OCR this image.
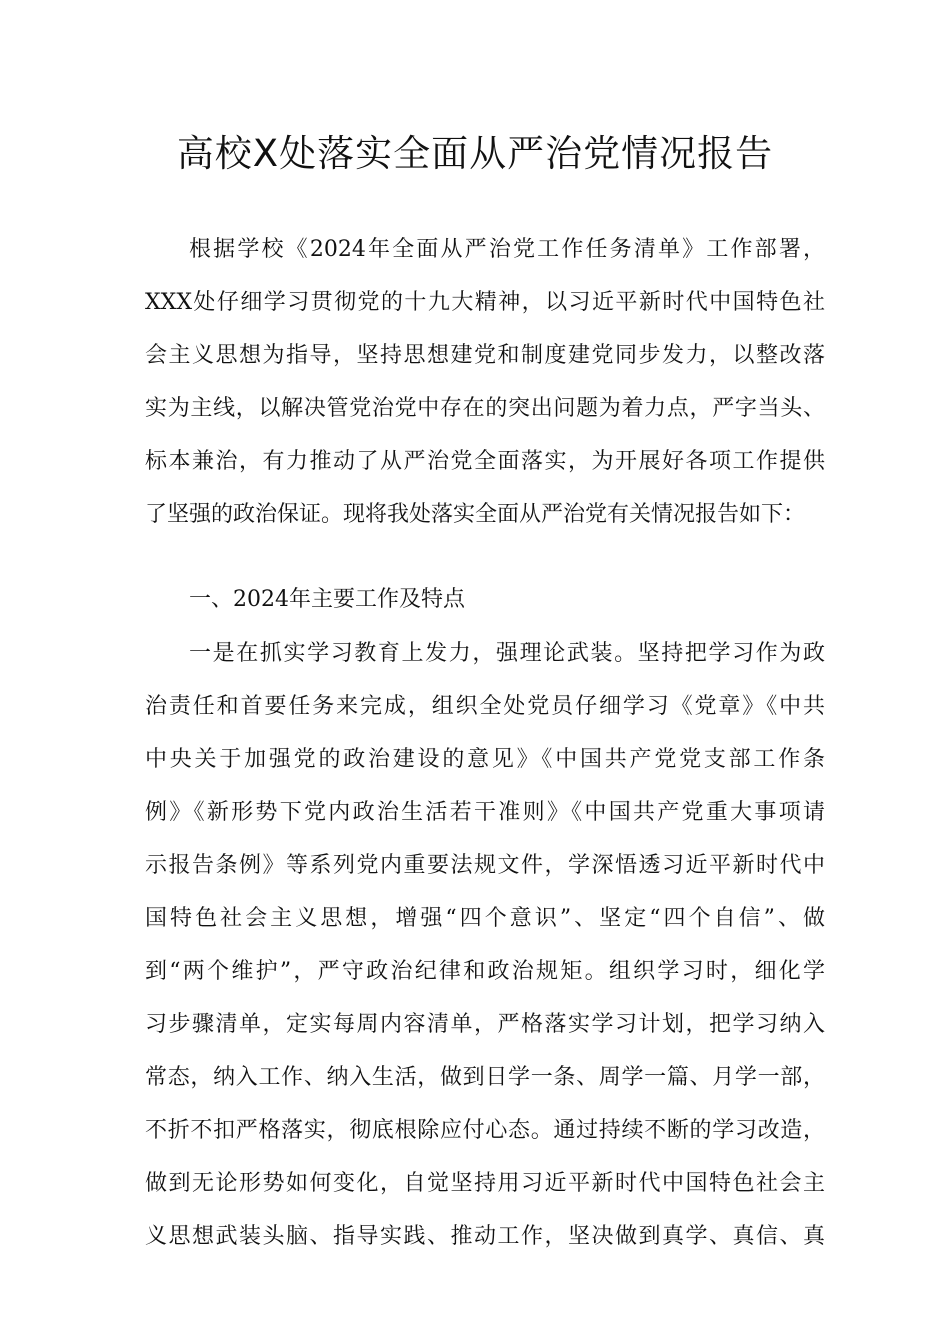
高校X处落实全面从严治党情况报告
根据学校《2024年全面从严治党工作任务清单》工作部署，
XXX处仔细学习贯彻党的十九大精神，以习近平新时代中国特色社
会主义思想为指导，坚持思想建党和制度建党同步发力，以整改落
实为主线，以解决管党治党中存在的突出问题为着力点，严字当头、
标本兼治，有力推动了从严治党全面落实，为开展好各项工作提供
了坚强的政治保证。现将我处落实全面从严治党有关情况报告如下：
一、2024年主要工作及特点
一是在抓实学习教育上发力，强理论武装。坚持把学习作为政
治责任和首要任务来完成，组织全处党员仔细学习《党章》《中共
中央关于加强党的政治建设的意见》《中国共产党党支部工作条
例》《新形势下党内政治生活若干准则》《中国共产党重大事项请
示报告条例》等系列党内重要法规文件，学深悟透习近平新时代中
国特色社会主义思想，增强“四个意识”、坚定“四个自信”、做
到“两个维护”，严守政治纪律和政治规矩。组织学习时，细化学
习步骤清单，定实每周内容清单，严格落实学习计划，把学习纳入
常态，纳入工作、纳入生活，做到日学一条、周学一篇、月学一部，
不折不扣严格落实，彻底根除应付心态。通过持续不断的学习改造，
做到无论形势如何变化，自觉坚持用习近平新时代中国特色社会主
义思想武装头脑、指导实践、推动工作，坚决做到真学、真信、真
